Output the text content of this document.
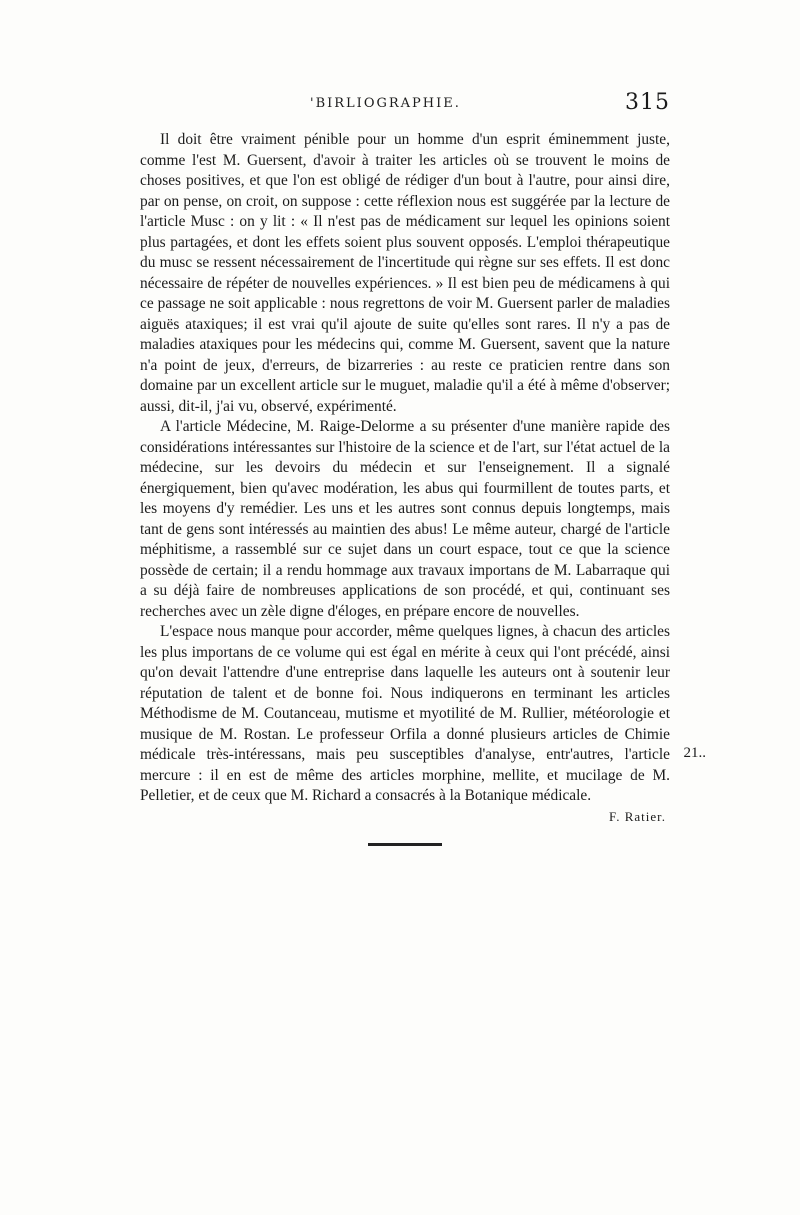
'BIRLIOGRAPHIE.	315

Il doit être vraiment pénible pour un homme d'un esprit éminemment juste, comme l'est M. Guersent, d'avoir à traiter les articles où se trouvent le moins de choses positives, et que l'on est obligé de rédiger d'un bout à l'autre, pour ainsi dire, par on pense, on croit, on suppose : cette réflexion nous est suggérée par la lecture de l'article Musc : on y lit : « Il n'est pas de médicament sur lequel les opinions soient plus partagées, et dont les effets soient plus souvent opposés. L'emploi thérapeutique du musc se ressent nécessairement de l'incertitude qui règne sur ses effets. Il est donc nécessaire de répéter de nouvelles expériences. » Il est bien peu de médicamens à qui ce passage ne soit applicable : nous regrettons de voir M. Guersent parler de maladies aiguës ataxiques; il est vrai qu'il ajoute de suite qu'elles sont rares. Il n'y a pas de maladies ataxiques pour les médecins qui, comme M. Guersent, savent que la nature n'a point de jeux, d'erreurs, de bizarreries : au reste ce praticien rentre dans son domaine par un excellent article sur le muguet, maladie qu'il a été à même d'observer; aussi, dit-il, j'ai vu, observé, expérimenté.

A l'article Médecine, M. Raige-Delorme a su présenter d'une manière rapide des considérations intéressantes sur l'histoire de la science et de l'art, sur l'état actuel de la médecine, sur les devoirs du médecin et sur l'enseignement. Il a signalé énergiquement, bien qu'avec modération, les abus qui fourmillent de toutes parts, et les moyens d'y remédier. Les uns et les autres sont connus depuis longtemps, mais tant de gens sont intéressés au maintien des abus! Le même auteur, chargé de l'article méphitisme, a rassemblé sur ce sujet dans un court espace, tout ce que la science possède de certain; il a rendu hommage aux travaux importans de M. Labarraque qui a su déjà faire de nombreuses applications de son procédé, et qui, continuant ses recherches avec un zèle digne d'éloges, en prépare encore de nouvelles.

L'espace nous manque pour accorder, même quelques lignes, à chacun des articles les plus importans de ce volume qui est égal en mérite à ceux qui l'ont précédé, ainsi qu'on devait l'attendre d'une entreprise dans laquelle les auteurs ont à soutenir leur réputation de talent et de bonne foi. Nous indiquerons en terminant les articles Méthodisme de M. Coutanceau, mutisme et myotilité de M. Rullier, météorologie et musique de M. Rostan. Le professeur Orfila a donné plusieurs articles de Chimie médicale très-intéressans, mais peu susceptibles d'analyse, entr'autres, l'article mercure : il en est de même des articles morphine, mellite, et mucilage de M. Pelletier, et de ceux que M. Richard a consacrés à la Botanique médicale.

F. Ratier.
21..
